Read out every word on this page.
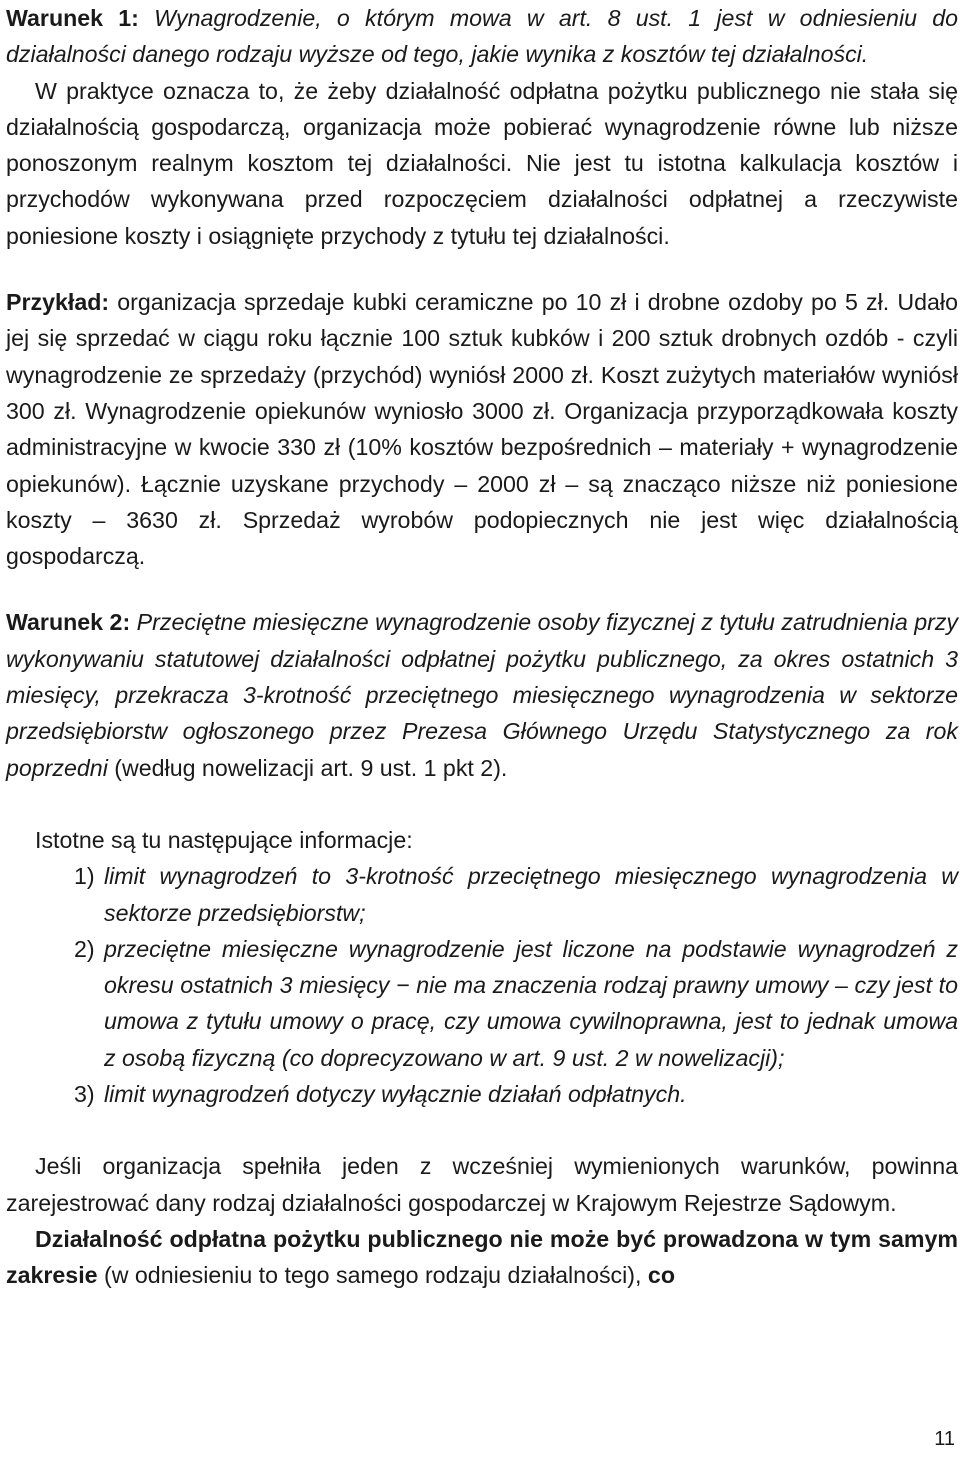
Warunek 1: Wynagrodzenie, o którym mowa w art. 8 ust. 1 jest w odniesieniu do działalności danego rodzaju wyższe od tego, jakie wynika z kosztów tej działalności.

W praktyce oznacza to, że żeby działalność odpłatna pożytku publicznego nie stała się działalnością gospodarczą, organizacja może pobierać wynagrodzenie równe lub niższe ponoszonym realnym kosztom tej działalności. Nie jest tu istotna kalkulacja kosztów i przychodów wykonywana przed rozpoczęciem działalności odpłatnej a rzeczywiste poniesione koszty i osiągnięte przychody z tytułu tej działalności.

Przykład: organizacja sprzedaje kubki ceramiczne po 10 zł i drobne ozdoby po 5 zł. Udało jej się sprzedać w ciągu roku łącznie 100 sztuk kubków i 200 sztuk drobnych ozdób - czyli wynagrodzenie ze sprzedaży (przychód) wyniósł 2000 zł. Koszt zużytych materiałów wyniósł 300 zł. Wynagrodzenie opiekunów wyniosło 3000 zł. Organizacja przyporządkowała koszty administracyjne w kwocie 330 zł (10% kosztów bezpośrednich – materiały + wynagrodzenie opiekunów). Łącznie uzyskane przychody – 2000 zł – są znacząco niższe niż poniesione koszty – 3630 zł. Sprzedaż wyrobów podopiecznych nie jest więc działalnością gospodarczą.

Warunek 2: Przeciętne miesięczne wynagrodzenie osoby fizycznej z tytułu zatrudnienia przy wykonywaniu statutowej działalności odpłatnej pożytku publicznego, za okres ostatnich 3 miesięcy, przekracza 3-krotność przeciętnego miesięcznego wynagrodzenia w sektorze przedsiębiorstw ogłoszonego przez Prezesa Głównego Urzędu Statystycznego za rok poprzedni (według nowelizacji art. 9 ust. 1 pkt 2).

Istotne są tu następujące informacje:

1) limit wynagrodzeń to 3-krotność przeciętnego miesięcznego wynagrodzenia w sektorze przedsiębiorstw;
2) przeciętne miesięczne wynagrodzenie jest liczone na podstawie wynagrodzeń z okresu ostatnich 3 miesięcy − nie ma znaczenia rodzaj prawny umowy – czy jest to umowa z tytułu umowy o pracę, czy umowa cywilnoprawna, jest to jednak umowa z osobą fizyczną (co doprecyzowano w art. 9 ust. 2 w nowelizacji);
3) limit wynagrodzeń dotyczy wyłącznie działań odpłatnych.

Jeśli organizacja spełniła jeden z wcześniej wymienionych warunków, powinna zarejestrować dany rodzaj działalności gospodarczej w Krajowym Rejestrze Sądowym.

Działalność odpłatna pożytku publicznego nie może być prowadzona w tym samym zakresie (w odniesieniu to tego samego rodzaju działalności), co

11
